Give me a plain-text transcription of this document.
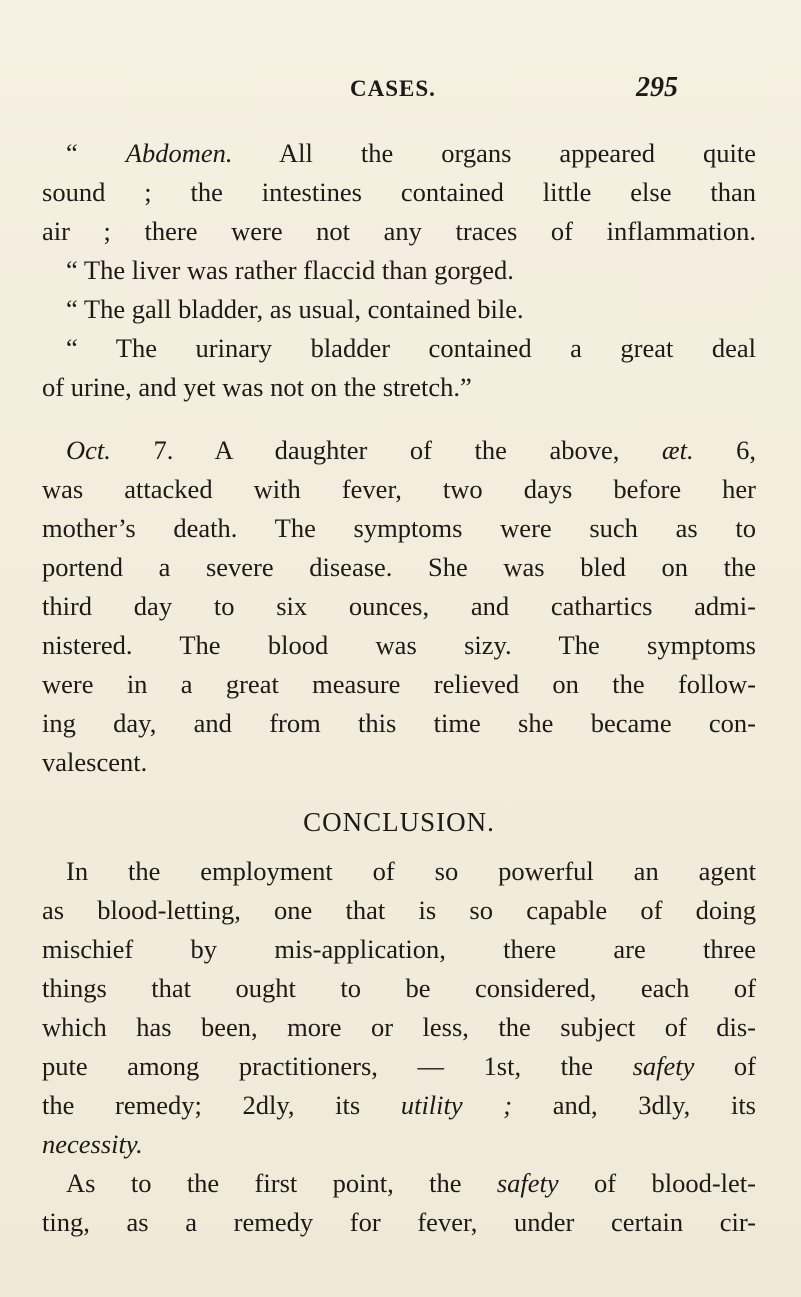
CASES.	295
“ Abdomen. All the organs appeared quite
sound ; the intestines contained little else than
air ; there were not any traces of inflammation.
“ The liver was rather flaccid than gorged.
“ The gall bladder, as usual, contained bile.
“ The urinary bladder contained a great deal
of urine, and yet was not on the stretch.”
Oct. 7. A daughter of the above, æt. 6,
was attacked with fever, two days before her
mother’s death. The symptoms were such as to
portend a severe disease. She was bled on the
third day to six ounces, and cathartics admi-
nistered. The blood was sizy. The symptoms
were in a great measure relieved on the follow-
ing day, and from this time she became con-
valescent.
CONCLUSION.
In the employment of so powerful an agent
as blood-letting, one that is so capable of doing
mischief by mis-application, there are three
things that ought to be considered, each of
which has been, more or less, the subject of dis-
pute among practitioners, — 1st, the safety of
the remedy; 2dly, its utility ; and, 3dly, its
necessity.
As to the first point, the safety of blood-let-
ting, as a remedy for fever, under certain cir-
